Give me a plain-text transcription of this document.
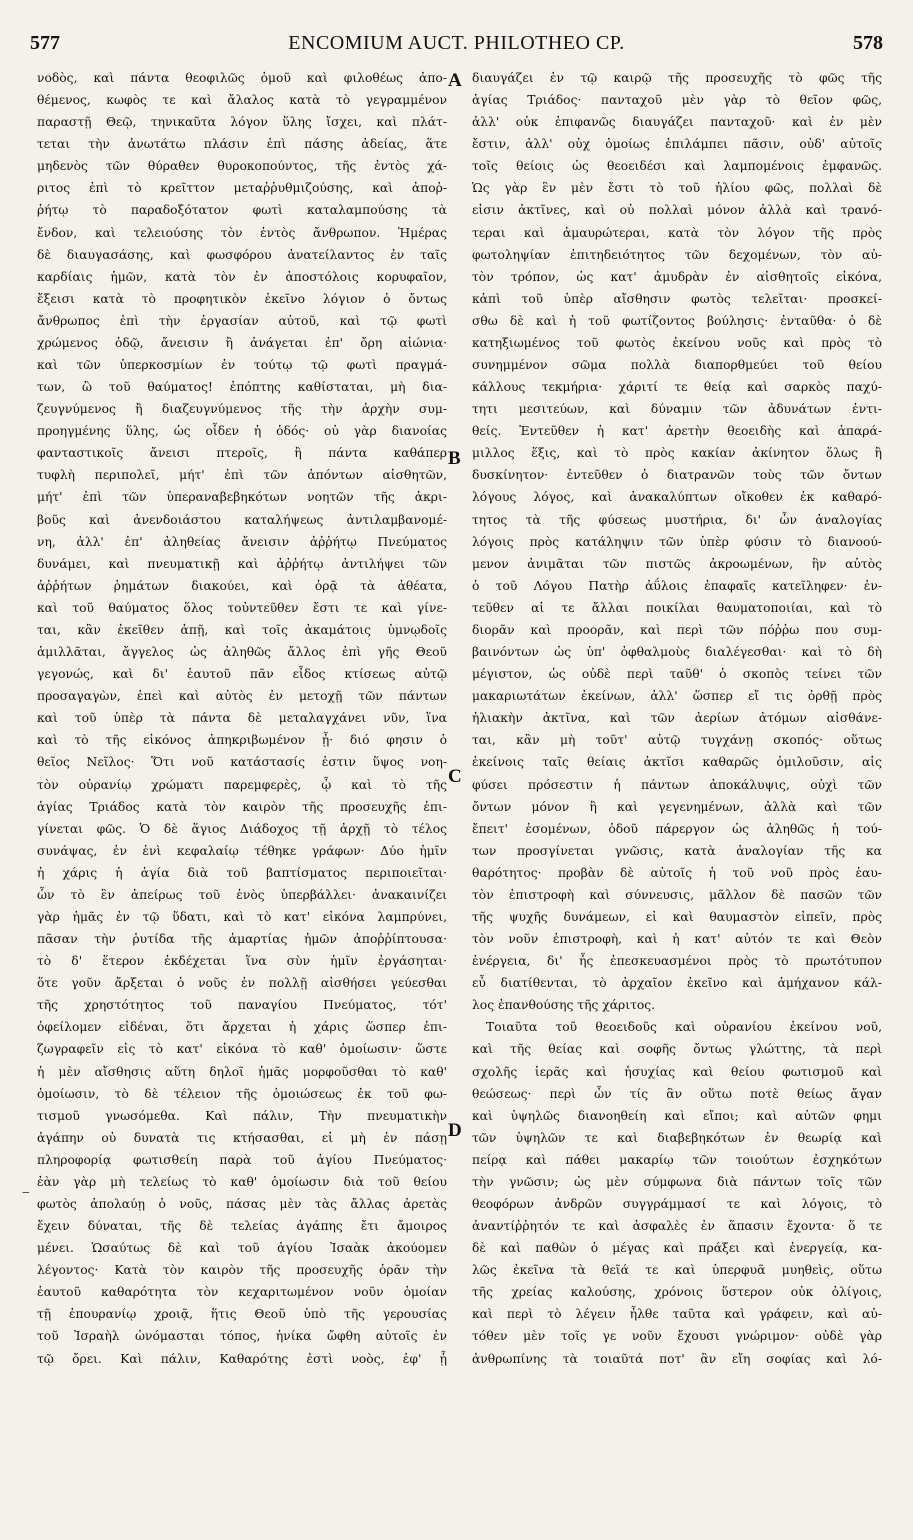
577	ENCOMIUM AUCT. PHILOTHEO CP.	578
νοδὸς, καὶ πάντα θεοφιλῶς ὁμοῦ καὶ φιλοθέως ἀπο-
θέμενος, κωφὸς τε καὶ ἄλαλος κατὰ τὸ γεγραμμένον
παραστῇ Θεῷ, τηνικαῦτα λόγον ὕλης ἴσχει, καὶ πλάτ-
τεται τὴν ἀνωτάτω πλάσιν ἐπὶ πάσης ἀδείας, ἅτε
μηδενὸς τῶν θύραθεν θυροκοπούντος, τῆς ἐντὸς χά-
ριτος ἐπὶ τὸ κρεῖττον μεταῤῥυθμιζούσης, καὶ ἀποῤ-
ῥήτῳ τὸ παραδοξότατον φωτὶ καταλαμπούσης τὰ
ἔνδον, καὶ τελειούσης τὸν ἐντὸς ἄνθρωπον. Ἡμέρας
δὲ διαυγασάσης, καὶ φωσφόρου ἀνατείλαντος ἐν ταῖς
καρδίαις ἡμῶν, κατὰ τὸν ἐν ἀποστόλοις κορυφαῖον,
ἔξεισι κατὰ τὸ προφητικὸν ἐκεῖνο λόγιον ὁ ὄντως
ἄνθρωπος ἐπὶ τὴν ἐργασίαν αὐτοῦ, καὶ τῷ φωτὶ
χρώμενος ὁδῷ, ἄνεισιν ἢ ἀνάγεται ἐπ' ὄρη αἰώνια·
καὶ τῶν ὑπερκοσμίων ἐν τούτῳ τῷ φωτὶ πραγμά-
των, ὢ τοῦ θαύματος! ἐπόπτης καθίσταται, μὴ δια-
ζευγνύμενος ἢ διαζευγνύμενος τῆς τὴν ἀρχὴν συμ-
προηγμένης ὕλης, ὡς οἶδεν ἡ ὁδός· οὐ γὰρ διανοίας
φανταστικοῖς ἄνεισι πτεροῖς, ἢ πάντα καθάπερ
τυφλὴ περιπολεῖ, μήτ' ἐπὶ τῶν ἀπόντων αἰσθητῶν,
μήτ' ἐπὶ τῶν ὑπεραναβεβηκότων νοητῶν τῆς ἀκρι-
βοῦς καὶ ἀνενδοιάστου καταλήψεως ἀντιλαμβανομέ-
νη, ἀλλ' ἐπ' ἀληθείας ἄνεισιν ἀῤῥήτῳ Πνεύματος
δυνάμει, καὶ πνευματικῇ καὶ ἀῤῥήτῳ ἀντιλήψει τῶν
ἀῤῥήτων ῥημάτων διακούει, καὶ ὁρᾷ τὰ ἀθέατα,
καὶ τοῦ θαύματος ὅλος τοὐντεῦθεν ἔστι τε καὶ γίνε-
ται, κἂν ἐκεῖθεν ἀπῇ, καὶ τοῖς ἀκαμάτοις ὑμνῳδοῖς
ἁμιλλᾶται, ἄγγελος ὡς ἀληθῶς ἄλλος ἐπὶ γῆς Θεοῦ
γεγονώς, καὶ δι' ἑαυτοῦ πᾶν εἶδος κτίσεως αὐτῷ
προσαγαγὼν, ἐπεὶ καὶ αὐτὸς ἐν μετοχῇ τῶν πάντων
καὶ τοῦ ὑπὲρ τὰ πάντα δὲ μεταλαγχάνει νῦν, ἵνα
καὶ τὸ τῆς εἰκόνος ἀπηκριβωμένον ᾖ· διό φησιν ὁ
θεῖος Νεῖλος· Ὅτι νοῦ κατάστασίς ἐστιν ὕψος νοη-
τὸν οὐρανίῳ χρώματι παρεμφερὲς, ᾧ καὶ τὸ τῆς
ἁγίας Τριάδος κατὰ τὸν καιρὸν τῆς προσευχῆς ἐπι-
γίνεται φῶς. Ὁ δὲ ἅγιος Διάδοχος τῇ ἀρχῇ τὸ τέλος
συνάψας, ἐν ἑνὶ κεφαλαίῳ τέθηκε γράφων· Δύο ἡμῖν
ἡ χάρις ἡ ἁγία διὰ τοῦ βαπτίσματος περιποιεῖται·
ὧν τὸ ἓν ἀπείρως τοῦ ἑνὸς ὑπερβάλλει· ἀνακαινίζει
γὰρ ἡμᾶς ἐν τῷ ὕδατι, καὶ τὸ κατ' εἰκόνα λαμπρύνει,
πᾶσαν τὴν ῥυτίδα τῆς ἁμαρτίας ἡμῶν ἀποῤῥίπτουσα·
τὸ δ' ἕτερον ἐκδέχεται ἵνα σὺν ἡμῖν ἐργάσηται·
ὅτε γοῦν ἄρξεται ὁ νοῦς ἐν πολλῇ αἰσθήσει γεύεσθαι
τῆς χρηστότητος τοῦ παναγίου Πνεύματος, τότ'
ὀφείλομεν εἰδέναι, ὅτι ἄρχεται ἡ χάρις ὥσπερ ἐπι-
ζωγραφεῖν εἰς τὸ κατ' εἰκόνα τὸ καθ' ὁμοίωσιν· ὥστε
ἡ μὲν αἴσθησις αὕτη δηλοῖ ἡμᾶς μορφοῦσθαι τὸ καθ'
ὁμοίωσιν, τὸ δὲ τέλειον τῆς ὁμοιώσεως ἐκ τοῦ φω-
τισμοῦ γνωσόμεθα. Καὶ πάλιν, Τὴν πνευματικὴν
ἀγάπην οὐ δυνατὰ τις κτήσασθαι, εἰ μὴ ἐν πάσῃ
πληροφορίᾳ φωτισθείη παρὰ τοῦ ἁγίου Πνεύματος·
ἐὰν γὰρ μὴ τελείως τὸ καθ' ὁμοίωσιν διὰ τοῦ θείου
φωτὸς ἀπολαύῃ ὁ νοῦς, πάσας μὲν τὰς ἄλλας ἀρετὰς
ἔχειν δύναται, τῆς δὲ τελείας ἀγάπης ἔτι ἄμοιρος
μένει. Ὡσαύτως δὲ καὶ τοῦ ἁγίου Ἰσαὰκ ἀκούομεν
λέγοντος· Κατὰ τὸν καιρὸν τῆς προσευχῆς ὁρᾶν τὴν
ἑαυτοῦ καθαρότητα τὸν κεχαριτωμένον νοῦν ὁμοίαν
τῇ ἐπουρανίῳ χροιᾷ, ἥτις Θεοῦ ὑπὸ τῆς γερουσίας
τοῦ Ἰσραὴλ ὠνόμασται τόπος, ἡνίκα ὤφθη αὐτοῖς ἐν
τῷ ὄρει. Καὶ πάλιν, Καθαρότης ἐστὶ νοὸς, ἐφ' ᾗ
διαυγάζει ἐν τῷ καιρῷ τῆς προσευχῆς τὸ φῶς τῆς
ἁγίας Τριάδος· πανταχοῦ μὲν γὰρ τὸ θεῖον φῶς,
ἀλλ' οὐκ ἐπιφανῶς διαυγάζει πανταχοῦ· καὶ ἐν μὲν
ἔστιν, ἀλλ' οὐχ ὁμοίως ἐπιλάμπει πᾶσιν, οὐδ' αὐτοῖς
τοῖς θείοις ὡς θεοειδέσι καὶ λαμπομένοις ἐμφανῶς.
Ὡς γὰρ ἓν μὲν ἔστι τὸ τοῦ ἡλίου φῶς, πολλαὶ δὲ
εἰσιν ἀκτῖνες, καὶ οὐ πολλαὶ μόνον ἀλλὰ καὶ τρανό-
τεραι καὶ ἀμαυρώτεραι, κατὰ τὸν λόγον τῆς πρὸς
φωτοληψίαν ἐπιτηδειότητος τῶν δεχομένων, τὸν αὐ-
τὸν τρόπον, ὡς κατ' ἀμυδρὰν ἐν αἰσθητοῖς εἰκόνα,
κἀπὶ τοῦ ὑπὲρ αἴσθησιν φωτὸς τελεῖται· προσκεί-
σθω δὲ καὶ ἡ τοῦ φωτίζοντος βούλησις· ἐνταῦθα· ὁ δὲ
κατηξιωμένος τοῦ φωτὸς ἐκείνου νοῦς καὶ πρὸς τὸ
συνημμένον σῶμα πολλὰ διαπορθμεύει τοῦ θείου
κάλλους τεκμήρια· χάριτί τε θείᾳ καὶ σαρκὸς παχύ-
τητι μεσιτεύων, καὶ δύναμιν τῶν ἀδυνάτων ἐντι-
θείς. Ἐντεῦθεν ἡ κατ' ἀρετὴν θεοειδὴς καὶ ἀπαρά-
μιλλος ἕξις, καὶ τὸ πρὸς κακίαν ἀκίνητον ὅλως ἢ
δυσκίνητον· ἐντεῦθεν ὁ διατρανῶν τοὺς τῶν ὄντων
λόγους λόγος, καὶ ἀνακαλύπτων οἴκοθεν ἐκ καθαρό-
τητος τὰ τῆς φύσεως μυστήρια, δι' ὧν ἀναλογίας
λόγοις πρὸς κατάληψιν τῶν ὑπὲρ φύσιν τὸ διανοού-
μενον ἀνιμᾶται τῶν πιστῶς ἀκροωμένων, ἣν αὐτὸς
ὁ τοῦ Λόγου Πατὴρ ἀΰλοις ἐπαφαῖς κατεῖληφεν· ἐν-
τεῦθεν αἱ τε ἄλλαι ποικίλαι θαυματοποιίαι, καὶ τὸ
διορᾶν καὶ προορᾶν, καὶ περὶ τῶν πόῤῥω που συμ-
βαινόντων ὡς ὑπ' ὀφθαλμοὺς διαλέγεσθαι· καὶ τὸ δὴ
μέγιστον, ὡς οὐδὲ περὶ ταῦθ' ὁ σκοπὸς τείνει τῶν
μακαριωτάτων ἐκείνων, ἀλλ' ὥσπερ εἴ τις ὀρθῇ πρὸς
ἡλιακὴν ἀκτῖνα, καὶ τῶν ἀερίων ἀτόμων αἰσθάνε-
ται, κἂν μὴ τοῦτ' αὐτῷ τυγχάνῃ σκοπός· οὕτως
ἐκείνοις ταῖς θείαις ἀκτῖσι καθαρῶς ὁμιλοῦσιν, αἱς
φύσει πρόσεστιν ἡ πάντων ἀποκάλυψις, οὐχὶ τῶν
ὄντων μόνον ἢ καὶ γεγενημένων, ἀλλὰ καὶ τῶν
ἔπειτ' ἐσομένων, ὁδοῦ πάρεργον ὡς ἀληθῶς ἡ τού-
των προσγίνεται γνῶσις, κατὰ ἀναλογίαν τῆς κα
θαρότητος· προβὰν δὲ αὐτοῖς ἡ τοῦ νοῦ πρὸς ἑαυ-
τὸν ἐπιστροφὴ καὶ σύννευσις, μᾶλλον δὲ πασῶν τῶν
τῆς ψυχῆς δυνάμεων, εἰ καὶ θαυμαστὸν εἰπεῖν, πρὸς
τὸν νοῦν ἐπιστροφὴ, καὶ ἡ κατ' αὐτόν τε καὶ Θεὸν
ἐνέργεια, δι' ἧς ἐπεσκευασμένοι πρὸς τὸ πρωτότυπον
εὖ διατίθενται, τὸ ἀρχαῖον ἐκεῖνο καὶ ἀμήχανον κάλ-
λος ἐπανθούσης τῆς χάριτος.
Τοιαῦτα τοῦ θεοειδοῦς καὶ οὐρανίου ἐκείνου νοῦ,
καὶ τῆς θείας καὶ σοφῆς ὄντως γλώττης, τὰ περὶ
σχολῆς ἱερᾶς καὶ ἡσυχίας καὶ θείου φωτισμοῦ καὶ
θεώσεως· περὶ ὧν τίς ἂν οὕτω ποτὲ θείως ἄγαν
καὶ ὑψηλῶς διανοηθείη καὶ εἴποι; καὶ αὐτῶν φημι
τῶν ὑψηλῶν τε καὶ διαβεβηκότων ἐν θεωρίᾳ καὶ
πείρᾳ καὶ πάθει μακαρίῳ τῶν τοιούτων ἐσχηκότων
τὴν γνῶσιν; ὡς μὲν σύμφωνα διὰ πάντων τοῖς τῶν
θεοφόρων ἀνδρῶν συγγράμμασί τε καὶ λόγοις, τὸ
ἀναντίῤῥητόν τε καὶ ἀσφαλὲς ἐν ἅπασιν ἔχοντα· ὅ τε
δὲ καὶ παθὼν ὁ μέγας καὶ πράξει καὶ ἐνεργείᾳ, κα-
λῶς ἐκεῖνα τὰ θεῖά τε καὶ ὑπερφυᾶ μυηθεὶς, οὕτω
τῆς χρείας καλούσης, χρόνοις ὕστερον οὐκ ὀλίγοις,
καὶ περὶ τὸ λέγειν ἦλθε ταῦτα καὶ γράφειν, καὶ αὐ-
τόθεν μὲν τοῖς γε νοῦν ἔχουσι γνώριμον· οὐδὲ γὰρ
ἀνθρωπίνης τὰ τοιαῦτά ποτ' ἂν εἴη σοφίας καὶ λό-
A
B
C
D
−
